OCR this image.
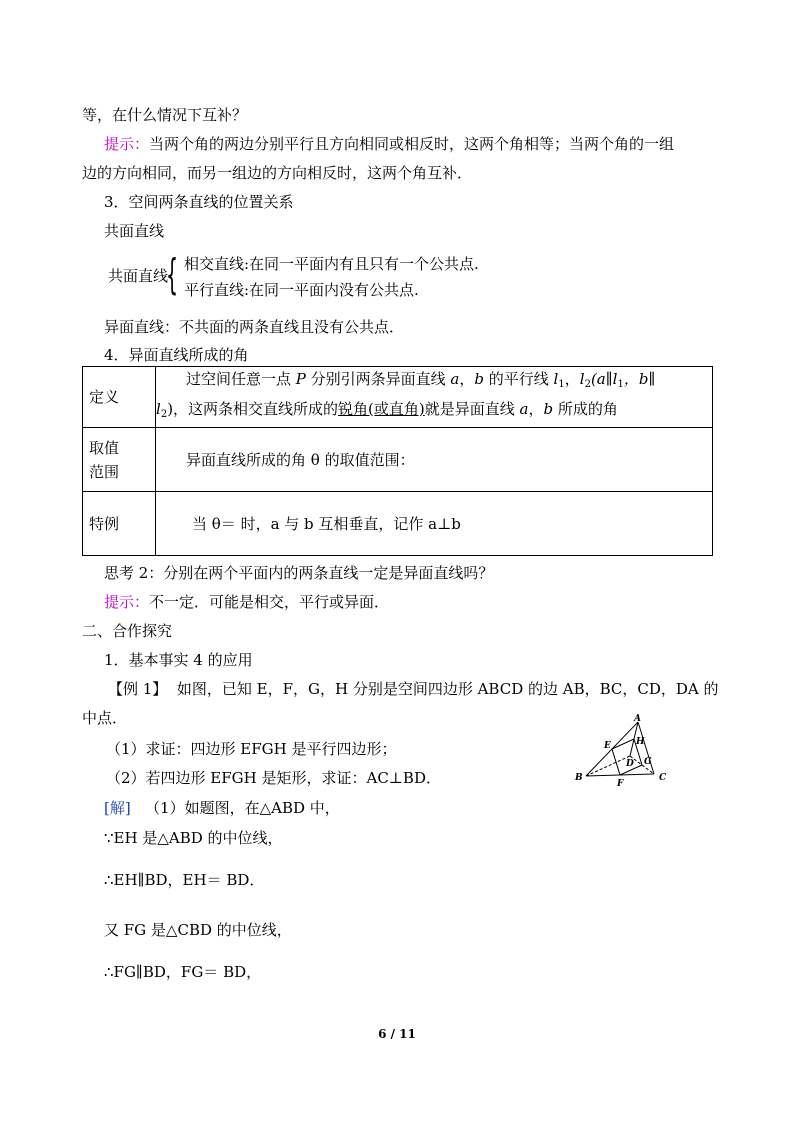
等，在什么情况下互补？
提示：当两个角的两边分别平行且方向相同或相反时，这两个角相等；当两个角的一组
边的方向相同，而另一组边的方向相反时，这两个角互补．
3．空间两条直线的位置关系
共面直线
共面直线
{ 相交直线:在同一平面内有且只有一个公共点.
平行直线:在同一平面内没有公共点.
异面直线：不共面的两条直线且没有公共点．
4．异面直线所成的角
定义	过空间任意一点 P 分别引两条异面直线 a，b 的平行线 $l_1$，$l_2(a\parallel l_1$，b∥
$l_2$)，这两条相交直线所成的锐角(或直角)就是异面直线 a，b 所成的角

取值
范围	异面直线所成的角 θ 的取值范围：

特例	当 θ＝ 时，a 与 b 互相垂直，记作 a⊥b
思考 2：分别在两个平面内的两条直线一定是异面直线吗？
提示：不一定．可能是相交，平行或异面．
二、合作探究
1．基本事实 4 的应用
【例 1】 如图，已知 E，F，G，H 分别是空间四边形 ABCD 的边 AB，BC，CD，DA 的
中点．
（1）求证：四边形 EFGH 是平行四边形；
（2）若四边形 EFGH 是矩形，求证：AC⊥BD．
A
B	C
D
E
F
G
H
[解] （1）如题图，在△ABD 中，
∵EH 是△ABD 的中位线，
∴EH∥BD，EH＝ BD．
又 FG 是△CBD 的中位线，
∴FG∥BD，FG＝ BD，
6 / 11
